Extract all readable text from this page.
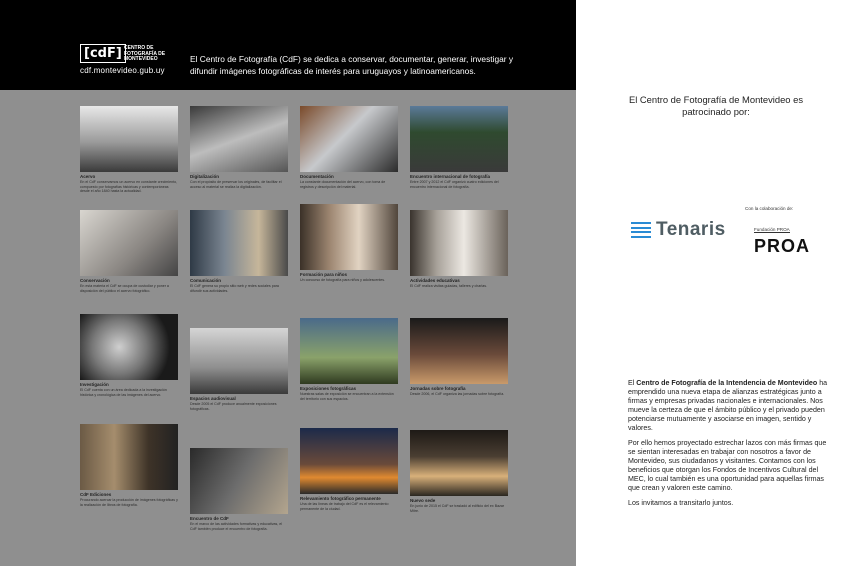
[cdF] CENTRO DE FOTOGRAFÍA DE MONTEVIDEO
cdf.montevideo.gub.uy
El Centro de Fotografía (CdF) se dedica a conservar, documentar, generar, investigar y difundir imágenes fotográficas de interés para uruguayos y latinoamericanos.
Acervo
En el CdF conservamos un acervo en constante crecimiento, compuesto por fotografías históricas y contemporáneas desde el año 1840 hasta la actualidad.
Conservación
En esta materia el CdF se ocupa de custodiar y poner a disposición del público el acervo fotográfico.
Investigación
El CdF cuenta con un área dedicada a la investigación histórica y cronológica de las imágenes del acervo.
CdF Ediciones
Procurando acercar la producción de imágenes fotográficas y la realización de libros de fotografía.
Digitalización
Con el propósito de preservar los originales, de facilitar el acceso al material se realiza la digitalización.
Comunicación
El CdF genera su propio sitio web y redes sociales para difundir sus actividades.
Espacios audiovisual
Desde 2005 el CdF produce anualmente exposiciones fotográficas.
Encuentro de CdF
En el marco de las actividades formativas y educativas, el CdF también produce el encuentro de fotografía.
Documentación
La constante documentación del acervo, con toma de registros y descripción del material.
Formación para niños
Un concurso de fotografía para niños y adolescentes.
Exposiciones fotográficas
Nuestras salas de exposición se encuentran a la extensión del territorio con sus espacios.
Relevamiento fotográfico permanente
Una de las líneas de trabajo del CdF es el relevamiento permanente de la ciudad.
Encuentro internacional de fotografía
Entre 2007 y 2012 el CdF organizó cuatro ediciones del encuentro internacional de fotografía.
Actividades educativas
El CdF realiza visitas guiadas, talleres y charlas.
Jornadas sobre fotografía
Desde 2006, el CdF organiza las jornadas sobre fotografía.
Nuevo sede
En junio de 2015 el CdF se trasladó al edificio del ex Bazar Mitre.
El Centro de Fotografía de Montevideo es patrocinado por:
Con la colaboración de:
Tenaris	Fundación PROA
PROA

El Centro de Fotografía de la Intendencia de Montevideo ha emprendido una nueva etapa de alianzas estratégicas junto a firmas y empresas privadas nacionales e internacionales. Nos mueve la certeza de que el ámbito público y el privado pueden potenciarse mutuamente y asociarse en imagen, sentido y valores.

Por ello hemos proyectado estrechar lazos con más firmas que se sientan interesadas en trabajar con nosotros a favor de Montevideo, sus ciudadanos y visitantes. Contamos con los beneficios que otorgan los Fondos de Incentivos Cultural del MEC, lo cual también es una oportunidad para aquellas firmas que crean y valoren este camino.

Los invitamos a transitarlo juntos.
